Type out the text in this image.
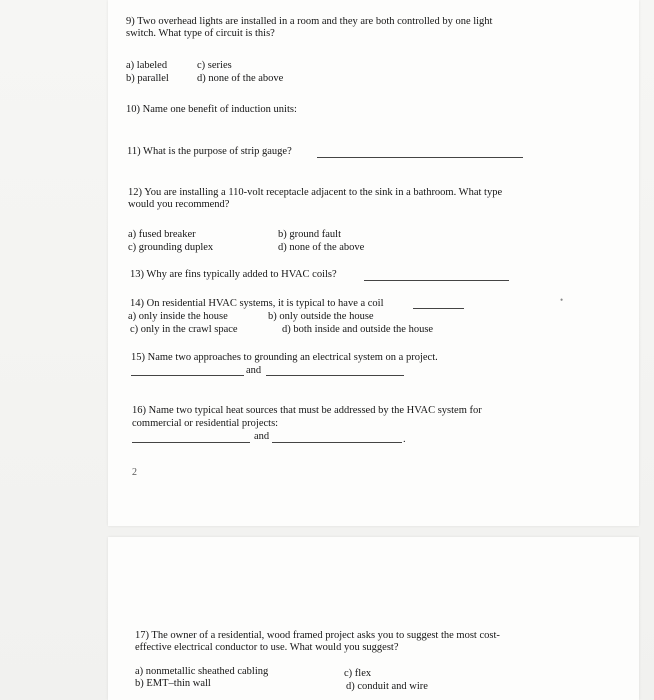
9) Two overhead lights are installed in a room and they are both controlled by one light
switch. What type of circuit is this?
a) labeled	c) series
b) parallel	d) none of the above
10) Name one benefit of induction units:
11) What is the purpose of strip gauge?
12) You are installing a 110-volt receptacle adjacent to the sink in a bathroom. What type
would you recommend?
a) fused breaker	b) ground fault
c) grounding duplex	d) none of the above
13) Why are fins typically added to HVAC coils?
14) On residential HVAC systems, it is typical to have a coil
a) only inside the house	b) only outside the house
c) only in the crawl space	d) both inside and outside the house
15) Name two approaches to grounding an electrical system on a project.
and
16) Name two typical heat sources that must be addressed by the HVAC system for
commercial or residential projects:
and	.
2
•
17) The owner of a residential, wood framed project asks you to suggest the most cost-
effective electrical conductor to use. What would you suggest?
a) nonmetallic sheathed cabling	c) flex
b) EMT–thin wall	d) conduit and wire
